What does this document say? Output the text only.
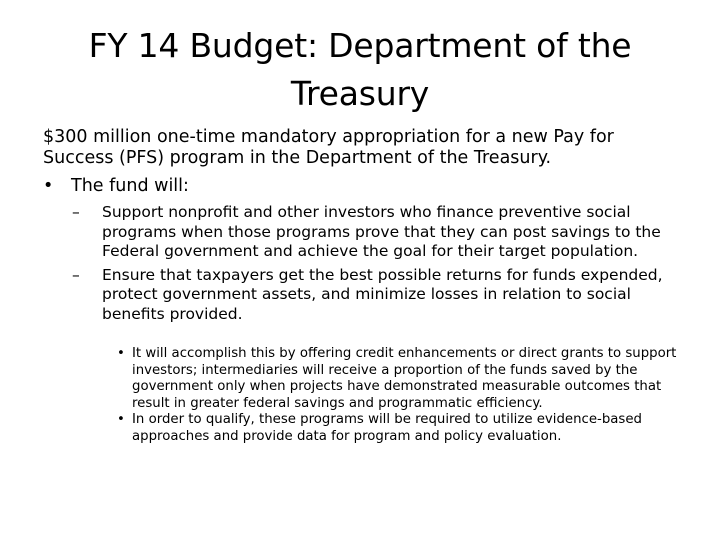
FY 14 Budget: Department of the Treasury
$300 million one-time mandatory appropriation for a new Pay for Success (PFS) program in the Department of the Treasury.
• The fund will:
– Support nonprofit and other investors who finance preventive social programs when those programs prove that they can post savings to the Federal government and achieve the goal for their target population.
– Ensure that taxpayers get the best possible returns for funds expended, protect government assets, and minimize losses in relation to social benefits provided.
• It will accomplish this by offering credit enhancements or direct grants to support investors; intermediaries will receive a proportion of the funds saved by the government only when projects have demonstrated measurable outcomes that result in greater federal savings and programmatic efficiency.
• In order to qualify, these programs will be required to utilize evidence-based approaches and provide data for program and policy evaluation.
